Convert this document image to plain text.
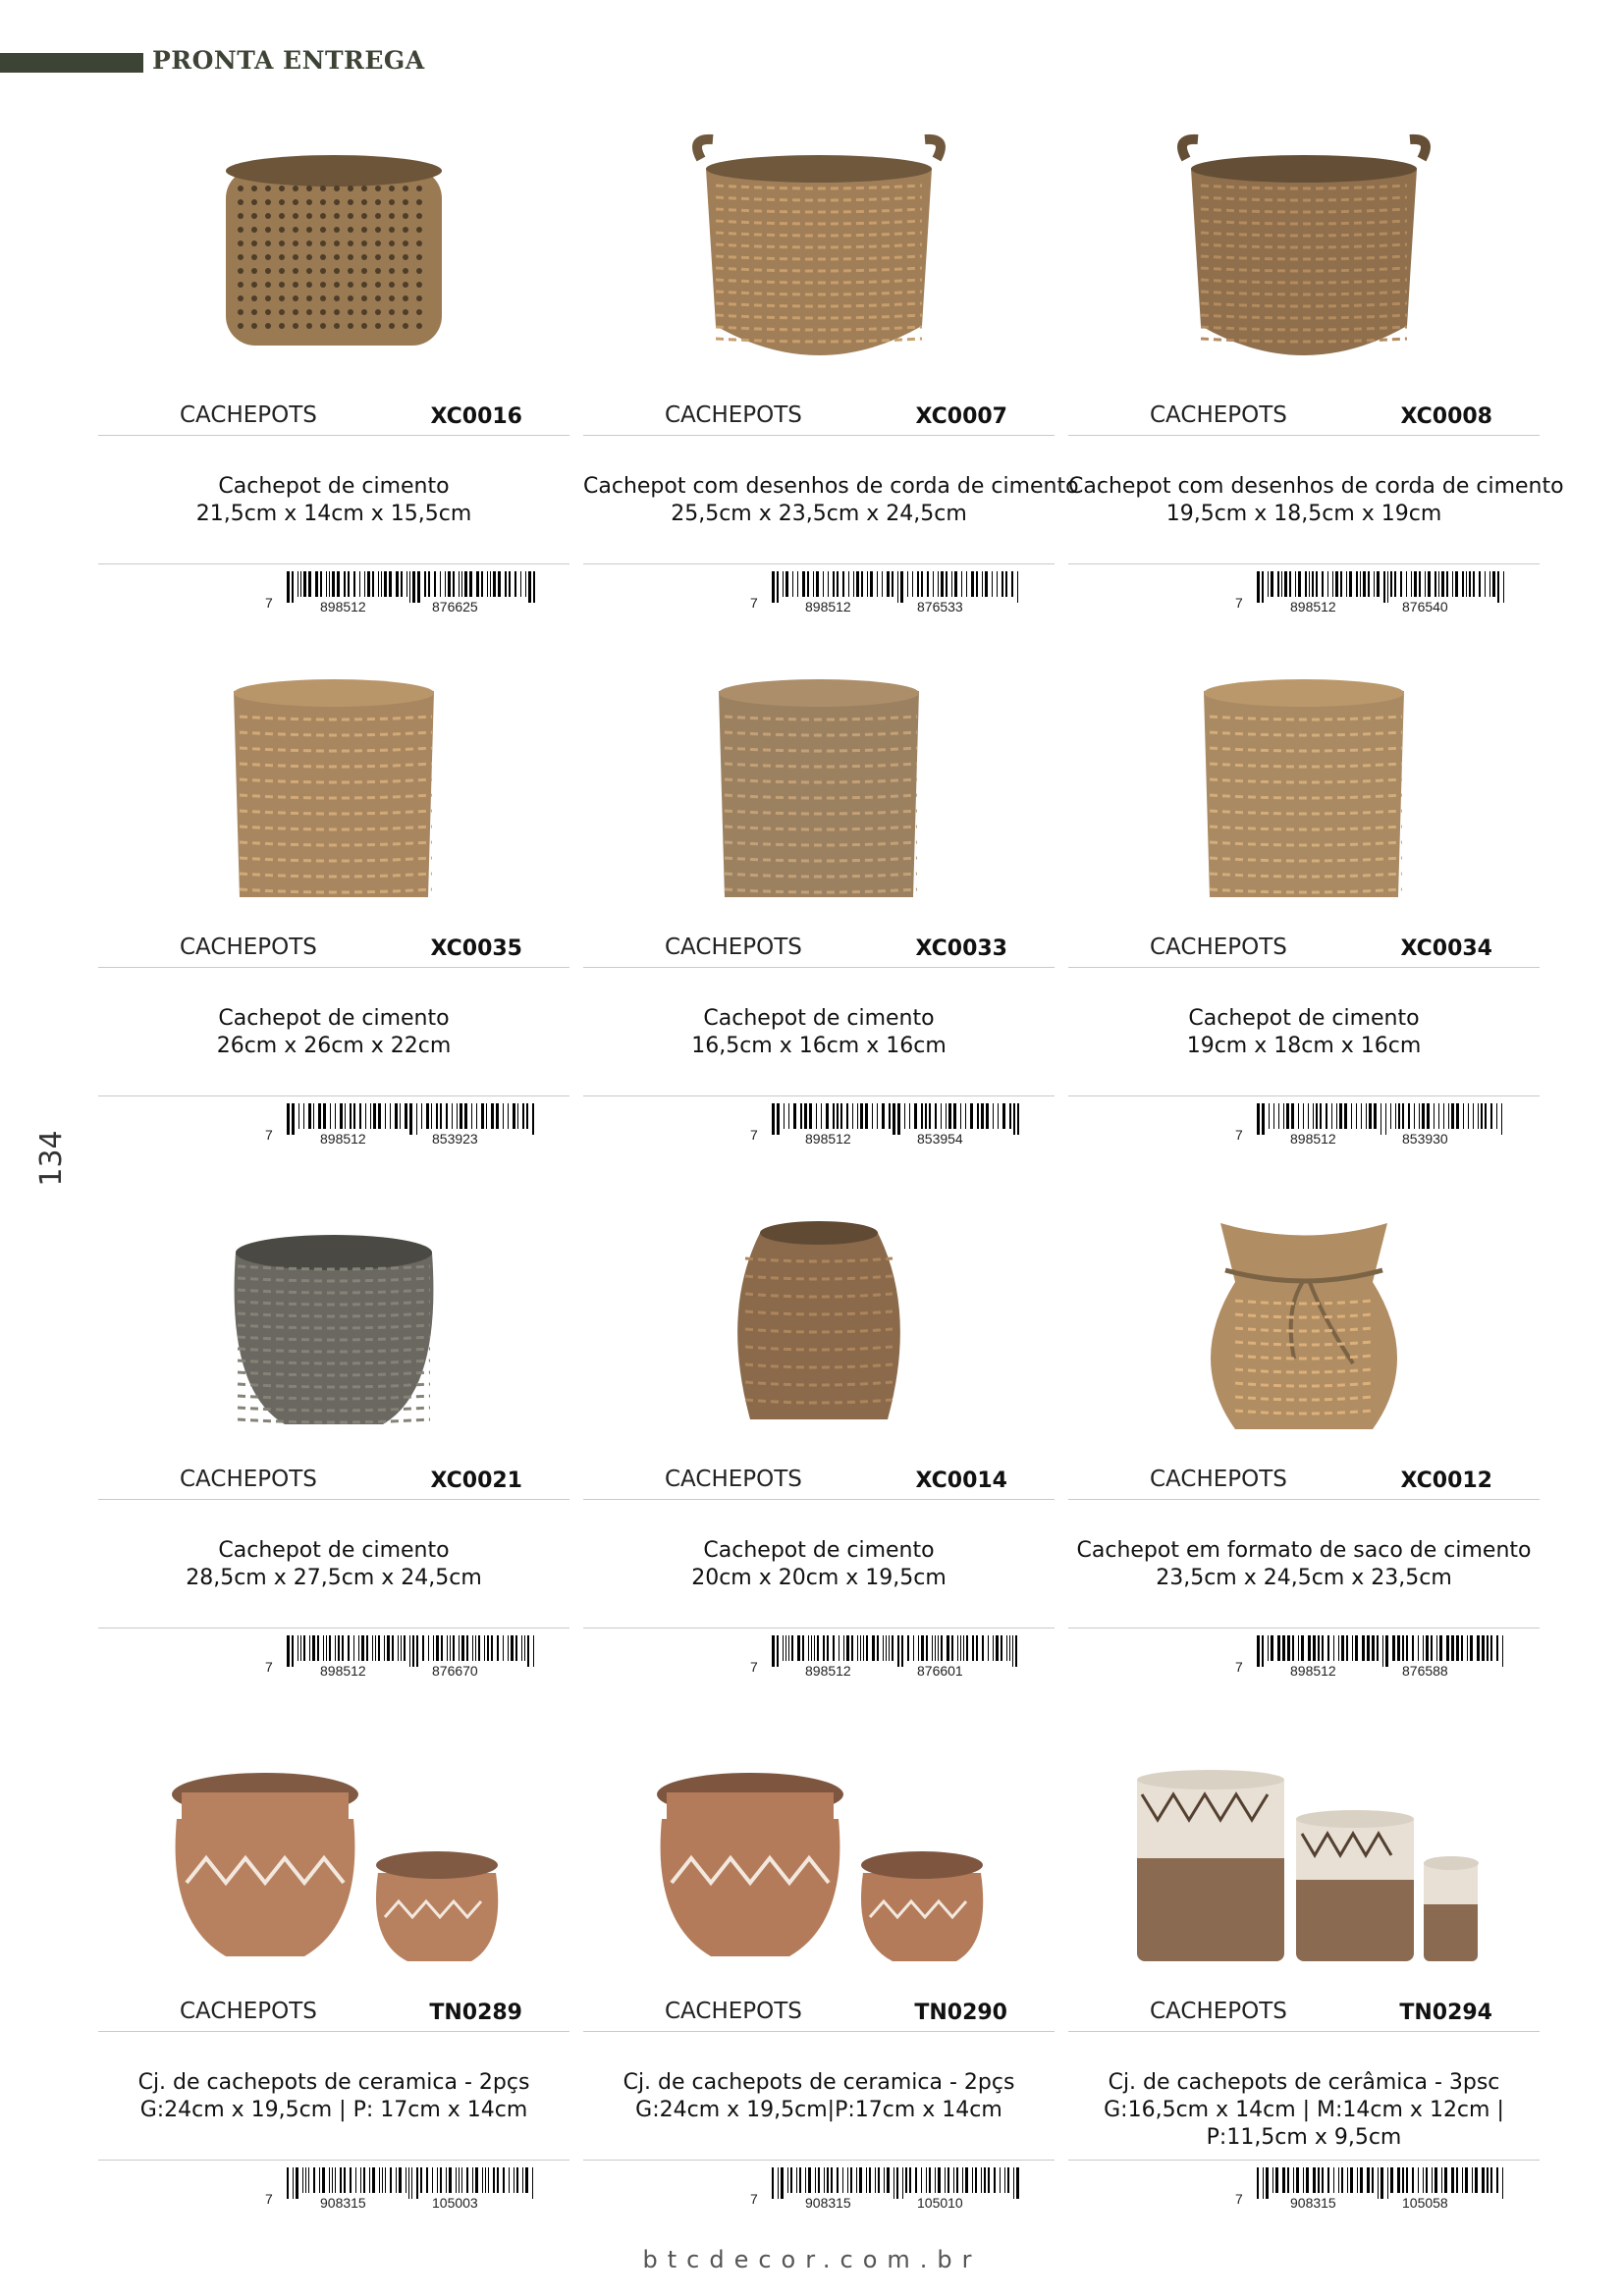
PRONTA ENTREGA
134
CACHEPOTS	XC0016
Cachepot de cimento
21,5cm x 14cm x 15,5cm
7	898512	876625
CACHEPOTS	XC0007
Cachepot com desenhos de corda de cimento
25,5cm x 23,5cm x 24,5cm
7	898512	876533
CACHEPOTS	XC0008
Cachepot com desenhos de corda de cimento
19,5cm x 18,5cm x 19cm
7	898512	876540
CACHEPOTS	XC0035
Cachepot de cimento
26cm x 26cm x 22cm
7	898512	853923
CACHEPOTS	XC0033
Cachepot de cimento
16,5cm x 16cm x 16cm
7	898512	853954
CACHEPOTS	XC0034
Cachepot de cimento
19cm x 18cm x 16cm
7	898512	853930
CACHEPOTS	XC0021
Cachepot de cimento
28,5cm x 27,5cm x 24,5cm
7	898512	876670
CACHEPOTS	XC0014
Cachepot de cimento
20cm x 20cm x 19,5cm
7	898512	876601
CACHEPOTS	XC0012
Cachepot em formato de saco de cimento
23,5cm x 24,5cm x 23,5cm
7	898512	876588
CACHEPOTS	TN0289
Cj. de cachepots de ceramica - 2pçs
G:24cm x 19,5cm | P: 17cm x 14cm
7	908315	105003
CACHEPOTS	TN0290
Cj. de cachepots de ceramica - 2pçs
G:24cm x 19,5cm|P:17cm x 14cm
7	908315	105010
CACHEPOTS	TN0294
Cj. de cachepots de cerâmica - 3psc
G:16,5cm x 14cm | M:14cm x 12cm |
P:11,5cm x 9,5cm
7	908315	105058
btcdecor.com.br
